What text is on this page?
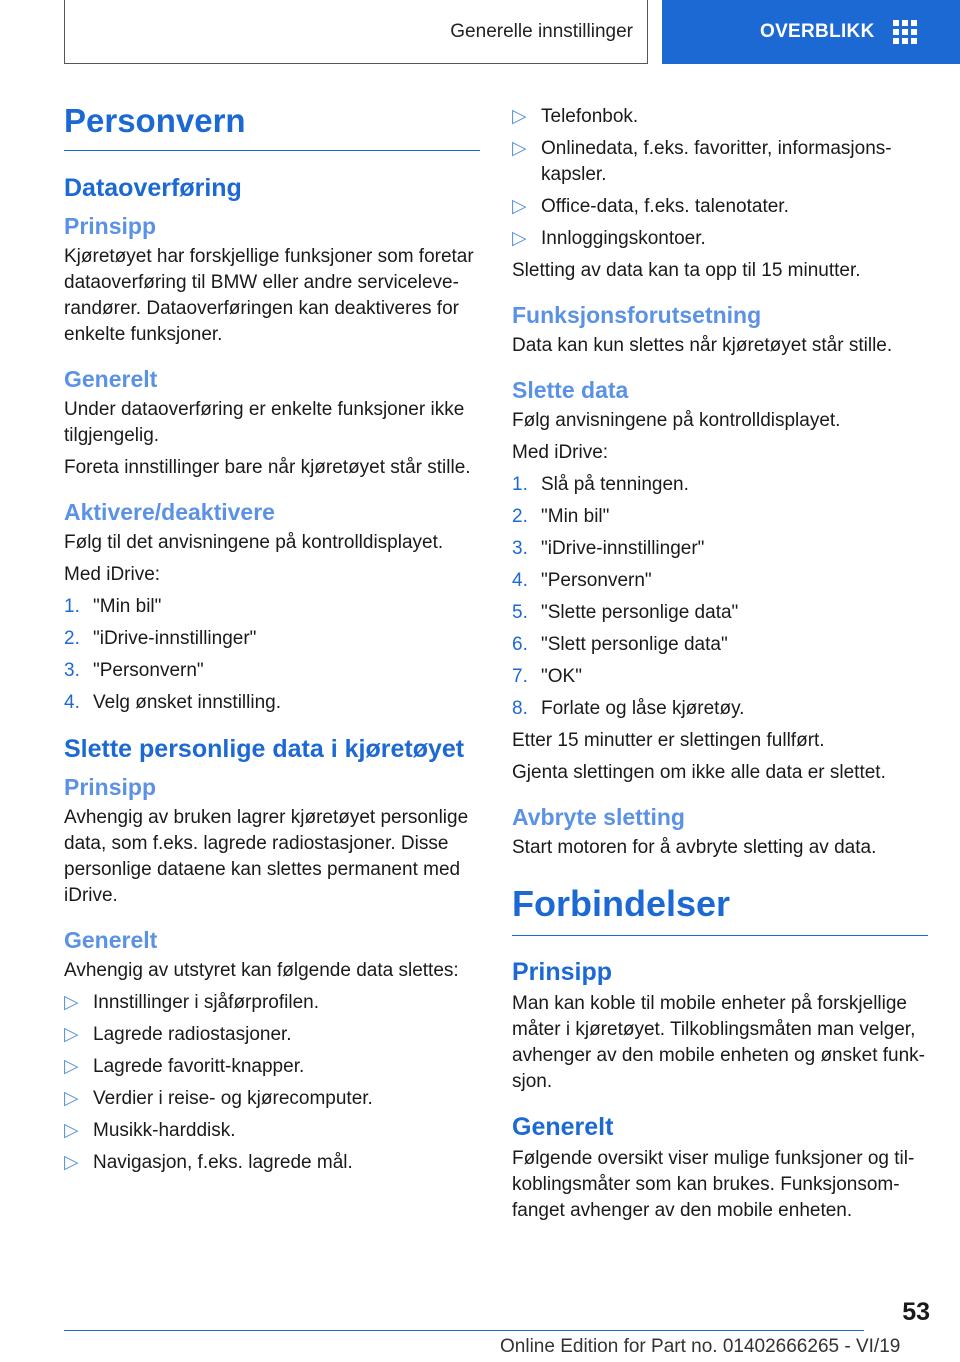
Generelle innstillinger	OVERBLIKK
Personvern
Dataoverføring
Prinsipp

Kjøretøyet har forskjellige funksjoner som foretar dataoverføring til BMW eller andre serviceleverandører. Dataoverføringen kan deaktiveres for enkelte funksjoner.

Generelt

Under dataoverføring er enkelte funksjoner ikke tilgjengelig.

Foreta innstillinger bare når kjøretøyet står stille.

Aktivere/deaktivere

Følg til det anvisningene på kontrolldisplayet.

Med iDrive:

1. "Min bil"
2. "iDrive-innstillinger"
3. "Personvern"
4. Velg ønsket innstilling.
Slette personlige data i kjøretøyet
Prinsipp

Avhengig av bruken lagrer kjøretøyet personlige data, som f.eks. lagrede radiostasjoner. Disse personlige dataene kan slettes permanent med iDrive.

Generelt

Avhengig av utstyret kan følgende data slettes:

▷ Innstillinger i sjåførprofilen.
▷ Lagrede radiostasjoner.
▷ Lagrede favoritt-knapper.
▷ Verdier i reise- og kjørecomputer.
▷ Musikk-harddisk.
▷ Navigasjon, f.eks. lagrede mål.
▷ Telefonbok.
▷ Onlinedata, f.eks. favoritter, informasjonskapsler.
▷ Office-data, f.eks. talenotater.
▷ Innloggingskontoer.

Sletting av data kan ta opp til 15 minutter.

Funksjonsforutsetning

Data kan kun slettes når kjøretøyet står stille.

Slette data

Følg anvisningene på kontrolldisplayet.

Med iDrive:

1. Slå på tenningen.
2. "Min bil"
3. "iDrive-innstillinger"
4. "Personvern"
5. "Slette personlige data"
6. "Slett personlige data"
7. "OK"
8. Forlate og låse kjøretøy.

Etter 15 minutter er slettingen fullført.

Gjenta slettingen om ikke alle data er slettet.

Avbryte sletting

Start motoren for å avbryte sletting av data.

Forbindelser
Prinsipp

Man kan koble til mobile enheter på forskjellige måter i kjøretøyet. Tilkoblingsmåten man velger, avhenger av den mobile enheten og ønsket funksjon.

Generelt

Følgende oversikt viser mulige funksjoner og tilkoblingsmåter som kan brukes. Funksjonsomfanget avhenger av den mobile enheten.

53
Online Edition for Part no. 01402666265 - VI/19
